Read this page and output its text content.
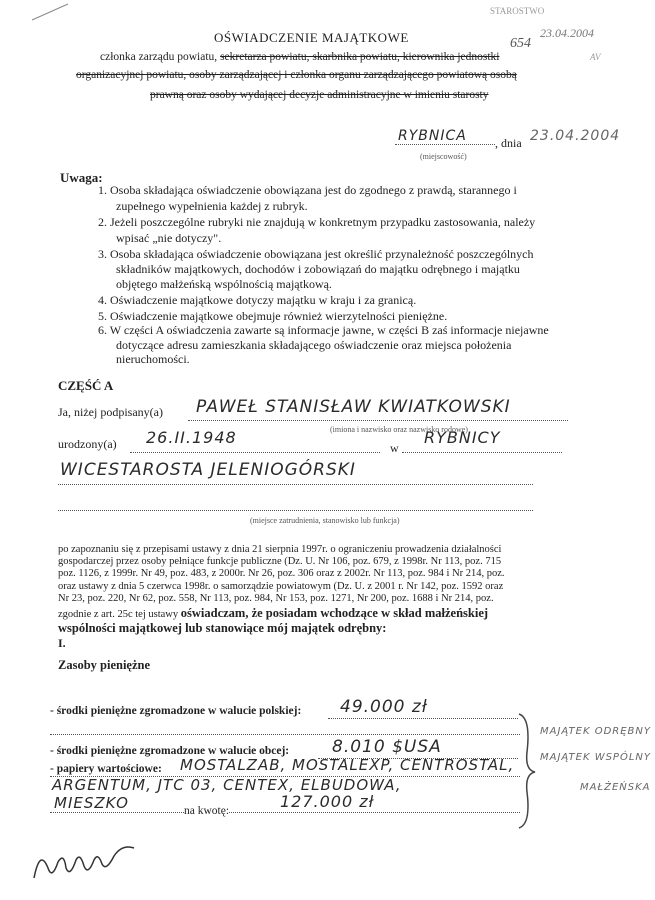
STAROSTWO
23.04.2004
654
AV
OŚWIADCZENIE MAJĄTKOWE
członka zarządu powiatu, sekretarza powiatu, skarbnika powiatu, kierownika jednostki
organizacyjnej powiatu, osoby zarządzającej i członka organu zarządzającego powiatową osobą
prawną oraz osoby wydającej decyzje administracyjne w imieniu starosty
RYBNICA , dnia 23.04.2004
(miejscowość)
Uwaga:
1. Osoba składająca oświadczenie obowiązana jest do zgodnego z prawdą, starannego i
zupełnego wypełnienia każdej z rubryk.
2. Jeżeli poszczególne rubryki nie znajdują w konkretnym przypadku zastosowania, należy
wpisać „nie dotyczy".
3. Osoba składająca oświadczenie obowiązana jest określić przynależność poszczególnych
składników majątkowych, dochodów i zobowiązań do majątku odrębnego i majątku
objętego małżeńską wspólnością majątkową.
4. Oświadczenie majątkowe dotyczy majątku w kraju i za granicą.
5. Oświadczenie majątkowe obejmuje również wierzytelności pieniężne.
6. W części A oświadczenia zawarte są informacje jawne, w części B zaś informacje niejawne
dotyczące adresu zamieszkania składającego oświadczenie oraz miejsca położenia
nieruchomości.
CZĘŚĆ A
Ja, niżej podpisany(a) PAWEŁ STANISŁAW KWIATKOWSKI
(imiona i nazwisko oraz nazwisko rodowe)
urodzony(a) 26.II.1948
w
RYBNICY
WICESTAROSTA JELENIOGÓRSKI
(miejsce zatrudnienia, stanowisko lub funkcja)
po zapoznaniu się z przepisami ustawy z dnia 21 sierpnia 1997r. o ograniczeniu prowadzenia działalności
gospodarczej przez osoby pełniące funkcje publiczne (Dz. U. Nr 106, poz. 679, z 1998r. Nr 113, poz. 715
poz. 1126, z 1999r. Nr 49, poz. 483, z 2000r. Nr 26, poz. 306 oraz z 2002r. Nr 113, poz. 984 i Nr 214, poz.
oraz ustawy z dnia 5 czerwca 1998r. o samorządzie powiatowym (Dz. U. z 2001 r. Nr 142, poz. 1592 oraz
Nr 23, poz. 220, Nr 62, poz. 558, Nr 113, poz. 984, Nr 153, poz. 1271, Nr 200, poz. 1688 i Nr 214, poz.
zgodnie z art. 25c tej ustawy oświadczam, że posiadam wchodzące w skład małżeńskiej
wspólności majątkowej lub stanowiące mój majątek odrębny:
I.
Zasoby pieniężne
- środki pieniężne zgromadzone w walucie polskiej: 49.000 zł
- środki pieniężne zgromadzone w walucie obcej:	8.010 $USA
- papiery wartościowe: MOSTALZAB, MOSTALEXP, CENTROSTAL,
ARGENTUM, JTC 03, CENTEX, ELBUDOWA,
MIESZKO	na kwotę:	127.000 zł
MAJĄTEK ODRĘBNY
MAJĄTEK WSPÓLNY
MAŁŻEŃSKA
